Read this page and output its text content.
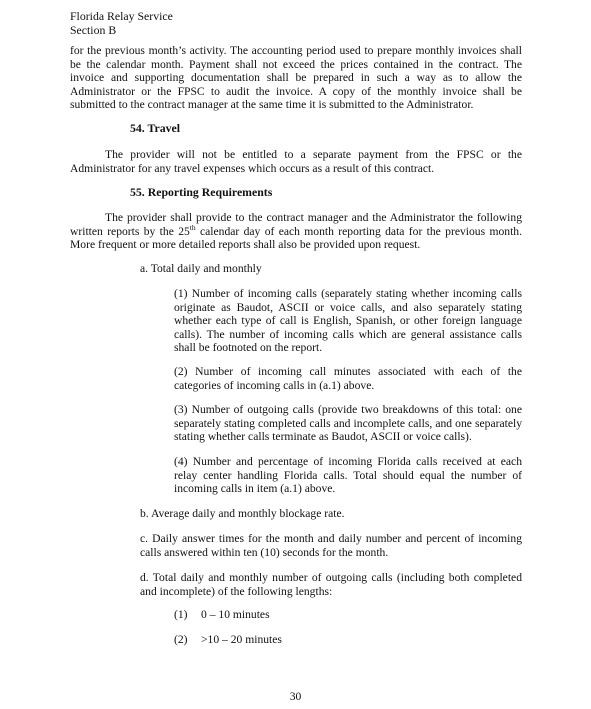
Florida Relay Service
Section B
for the previous month’s activity. The accounting period used to prepare monthly invoices shall
be the calendar month. Payment shall not exceed the prices contained in the contract. The
invoice and supporting documentation shall be prepared in such a way as to allow the
Administrator or the FPSC to audit the invoice. A copy of the monthly invoice shall be
submitted to the contract manager at the same time it is submitted to the Administrator.
54. Travel
The provider will not be entitled to a separate payment from the FPSC or the
Administrator for any travel expenses which occurs as a result of this contract.
55. Reporting Requirements
The provider shall provide to the contract manager and the Administrator the following
written reports by the 25th calendar day of each month reporting data for the previous month.
More frequent or more detailed reports shall also be provided upon request.
a. Total daily and monthly
(1) Number of incoming calls (separately stating whether incoming calls
originate as Baudot, ASCII or voice calls, and also separately stating
whether each type of call is English, Spanish, or other foreign language
calls). The number of incoming calls which are general assistance calls
shall be footnoted on the report.
(2) Number of incoming call minutes associated with each of the
categories of incoming calls in (a.1) above.
(3) Number of outgoing calls (provide two breakdowns of this total: one
separately stating completed calls and incomplete calls, and one separately
stating whether calls terminate as Baudot, ASCII or voice calls).
(4) Number and percentage of incoming Florida calls received at each
relay center handling Florida calls. Total should equal the number of
incoming calls in item (a.1) above.
b. Average daily and monthly blockage rate.
c. Daily answer times for the month and daily number and percent of incoming
calls answered within ten (10) seconds for the month.
d. Total daily and monthly number of outgoing calls (including both completed
and incomplete) of the following lengths:
(1) 0 – 10 minutes
(2) >10 – 20 minutes
30
